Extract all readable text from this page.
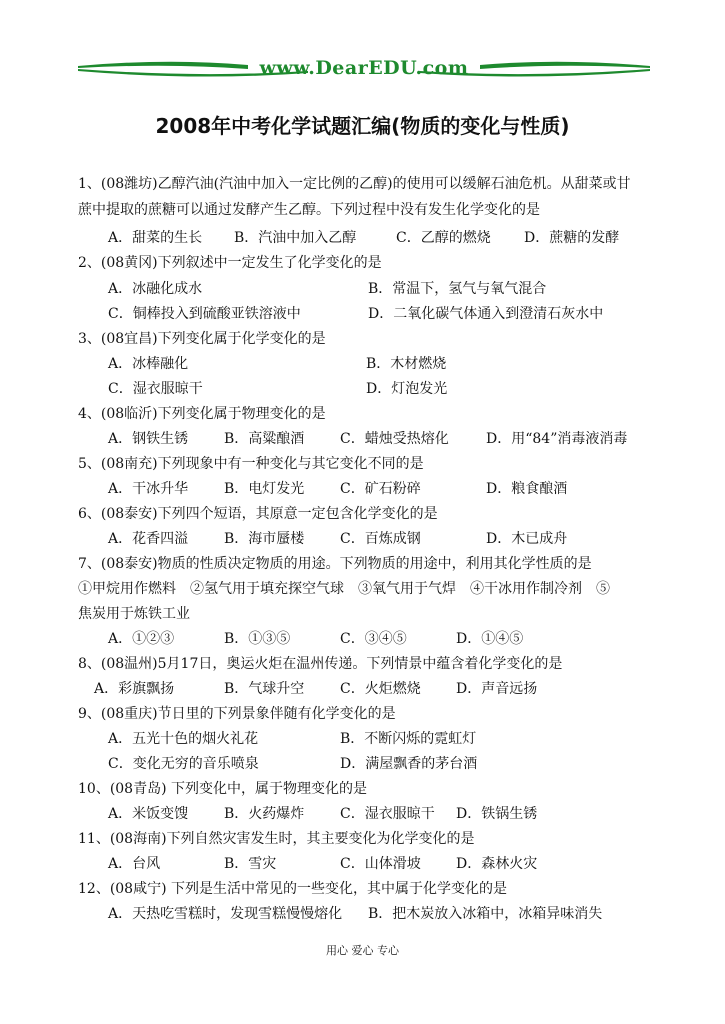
www.DearEDU.com
2008年中考化学试题汇编(物质的变化与性质)
1、(08潍坊)乙醇汽油(汽油中加入一定比例的乙醇)的使用可以缓解石油危机。从甜菜或甘
蔗中提取的蔗糖可以通过发酵产生乙醇。下列过程中没有发生化学变化的是
A．甜菜的生长 B．汽油中加入乙醇	C．乙醇的燃烧 D．蔗糖的发酵
2、(08黄冈)下列叙述中一定发生了化学变化的是
A．冰融化成水	B．常温下，氢气与氧气混合
C．铜棒投入到硫酸亚铁溶液中	D．二氧化碳气体通入到澄清石灰水中
3、(08宜昌)下列变化属于化学变化的是
A．冰棒融化	B．木材燃烧
C．湿衣服晾干	D．灯泡发光
4、(08临沂)下列变化属于物理变化的是
A．钢铁生锈	B．高粱酿酒	C．蜡烛受热熔化	D．用“84”消毒液消毒
5、(08南充)下列现象中有一种变化与其它变化不同的是
A．干冰升华	B．电灯发光	C．矿石粉碎	D．粮食酿酒
6、(08泰安)下列四个短语，其原意一定包含化学变化的是
A．花香四溢	B．海市蜃楼	C．百炼成钢	D．木已成舟
7、(08泰安)物质的性质决定物质的用途。下列物质的用途中，利用其化学性质的是
①甲烷用作燃料　②氢气用于填充探空气球　③氧气用于气焊　④干冰用作制冷剂　⑤
焦炭用于炼铁工业
A．①②③	B．①③⑤	C．③④⑤	D．①④⑤
8、(08温州)5月17日，奥运火炬在温州传递。下列情景中蕴含着化学变化的是
A．彩旗飘扬	B．气球升空	C．火炬燃烧	D．声音远扬
9、(08重庆)节日里的下列景象伴随有化学变化的是
A．五光十色的烟火礼花	B．不断闪烁的霓虹灯
C．变化无穷的音乐喷泉	D．满屋飘香的茅台酒
10、(08青岛) 下列变化中，属于物理变化的是
A．米饭变馊	B．火药爆炸	C．湿衣服晾干 D．铁锅生锈
11、(08海南)下列自然灾害发生时，其主要变化为化学变化的是
A．台风	B．雪灾	C．山体滑坡	D．森林火灾
12、(08咸宁) 下列是生活中常见的一些变化，其中属于化学变化的是
A．天热吃雪糕时，发现雪糕慢慢熔化 B．把木炭放入冰箱中，冰箱异味消失
用心 爱心 专心
